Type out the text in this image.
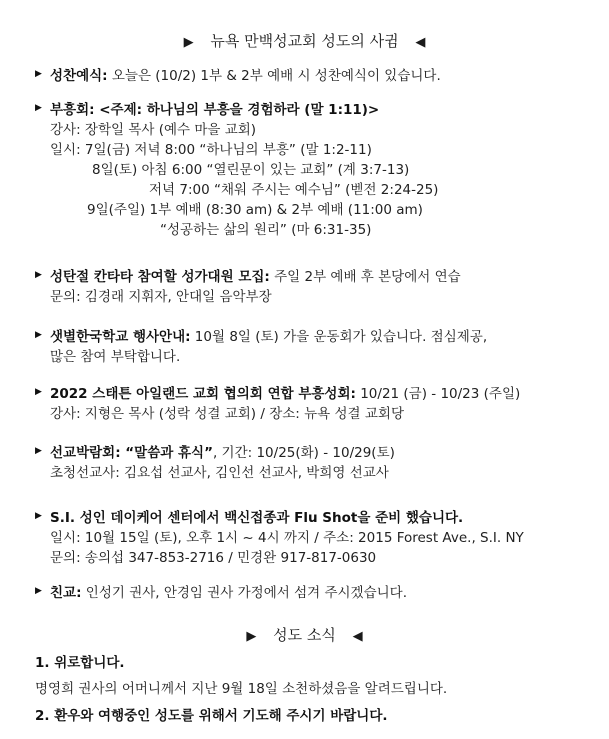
▶ 뉴욕 만백성교회 성도의 사귐 ◀
▶ 성찬예식: 오늘은 (10/2) 1부 & 2부 예배 시 성찬예식이 있습니다.
▶ 부흥회: <주제: 하나님의 부흥을 경험하라 (말 1:11)>
강사: 장학일 목사 (예수 마을 교회)
일시: 7일(금) 저녁 8:00 “하나님의 부흥” (말 1:2-11)
8일(토) 아침 6:00 “열린문이 있는 교회” (계 3:7-13)
저녁 7:00 “채워 주시는 예수님” (벧전 2:24-25)
9일(주일) 1부 예배 (8:30 am) & 2부 예배 (11:00 am)
“성공하는 삶의 원리” (마 6:31-35)
▶ 성탄절 칸타타 참여할 성가대원 모집: 주일 2부 예배 후 본당에서 연습
문의: 김경래 지휘자, 안대일 음악부장
▶ 샛별한국학교 행사안내: 10월 8일 (토) 가을 운동회가 있습니다. 점심제공,
많은 참여 부탁합니다.
▶ 2022 스태튼 아일랜드 교회 협의회 연합 부흥성회: 10/21 (금) - 10/23 (주일)
강사: 지형은 목사 (성락 성결 교회) / 장소: 뉴욕 성결 교회당
▶ 선교박람회: “말씀과 휴식”, 기간: 10/25(화) - 10/29(토)
초청선교사: 김요섭 선교사, 김인선 선교사, 박희영 선교사
▶ S.I. 성인 데이케어 센터에서 백신접종과 Flu Shot을 준비 했습니다.
일시: 10월 15일 (토), 오후 1시 ~ 4시 까지 / 주소: 2015 Forest Ave., S.I. NY
문의: 송의섭 347-853-2716 / 민경완 917-817-0630
▶ 친교: 인성기 권사, 안경임 권사 가정에서 섬겨 주시겠습니다.
▶ 성도 소식 ◀
1. 위로합니다.
명영희 권사의 어머니께서 지난 9월 18일 소천하셨음을 알려드립니다.
2. 환우와 여행중인 성도를 위해서 기도해 주시기 바랍니다.
